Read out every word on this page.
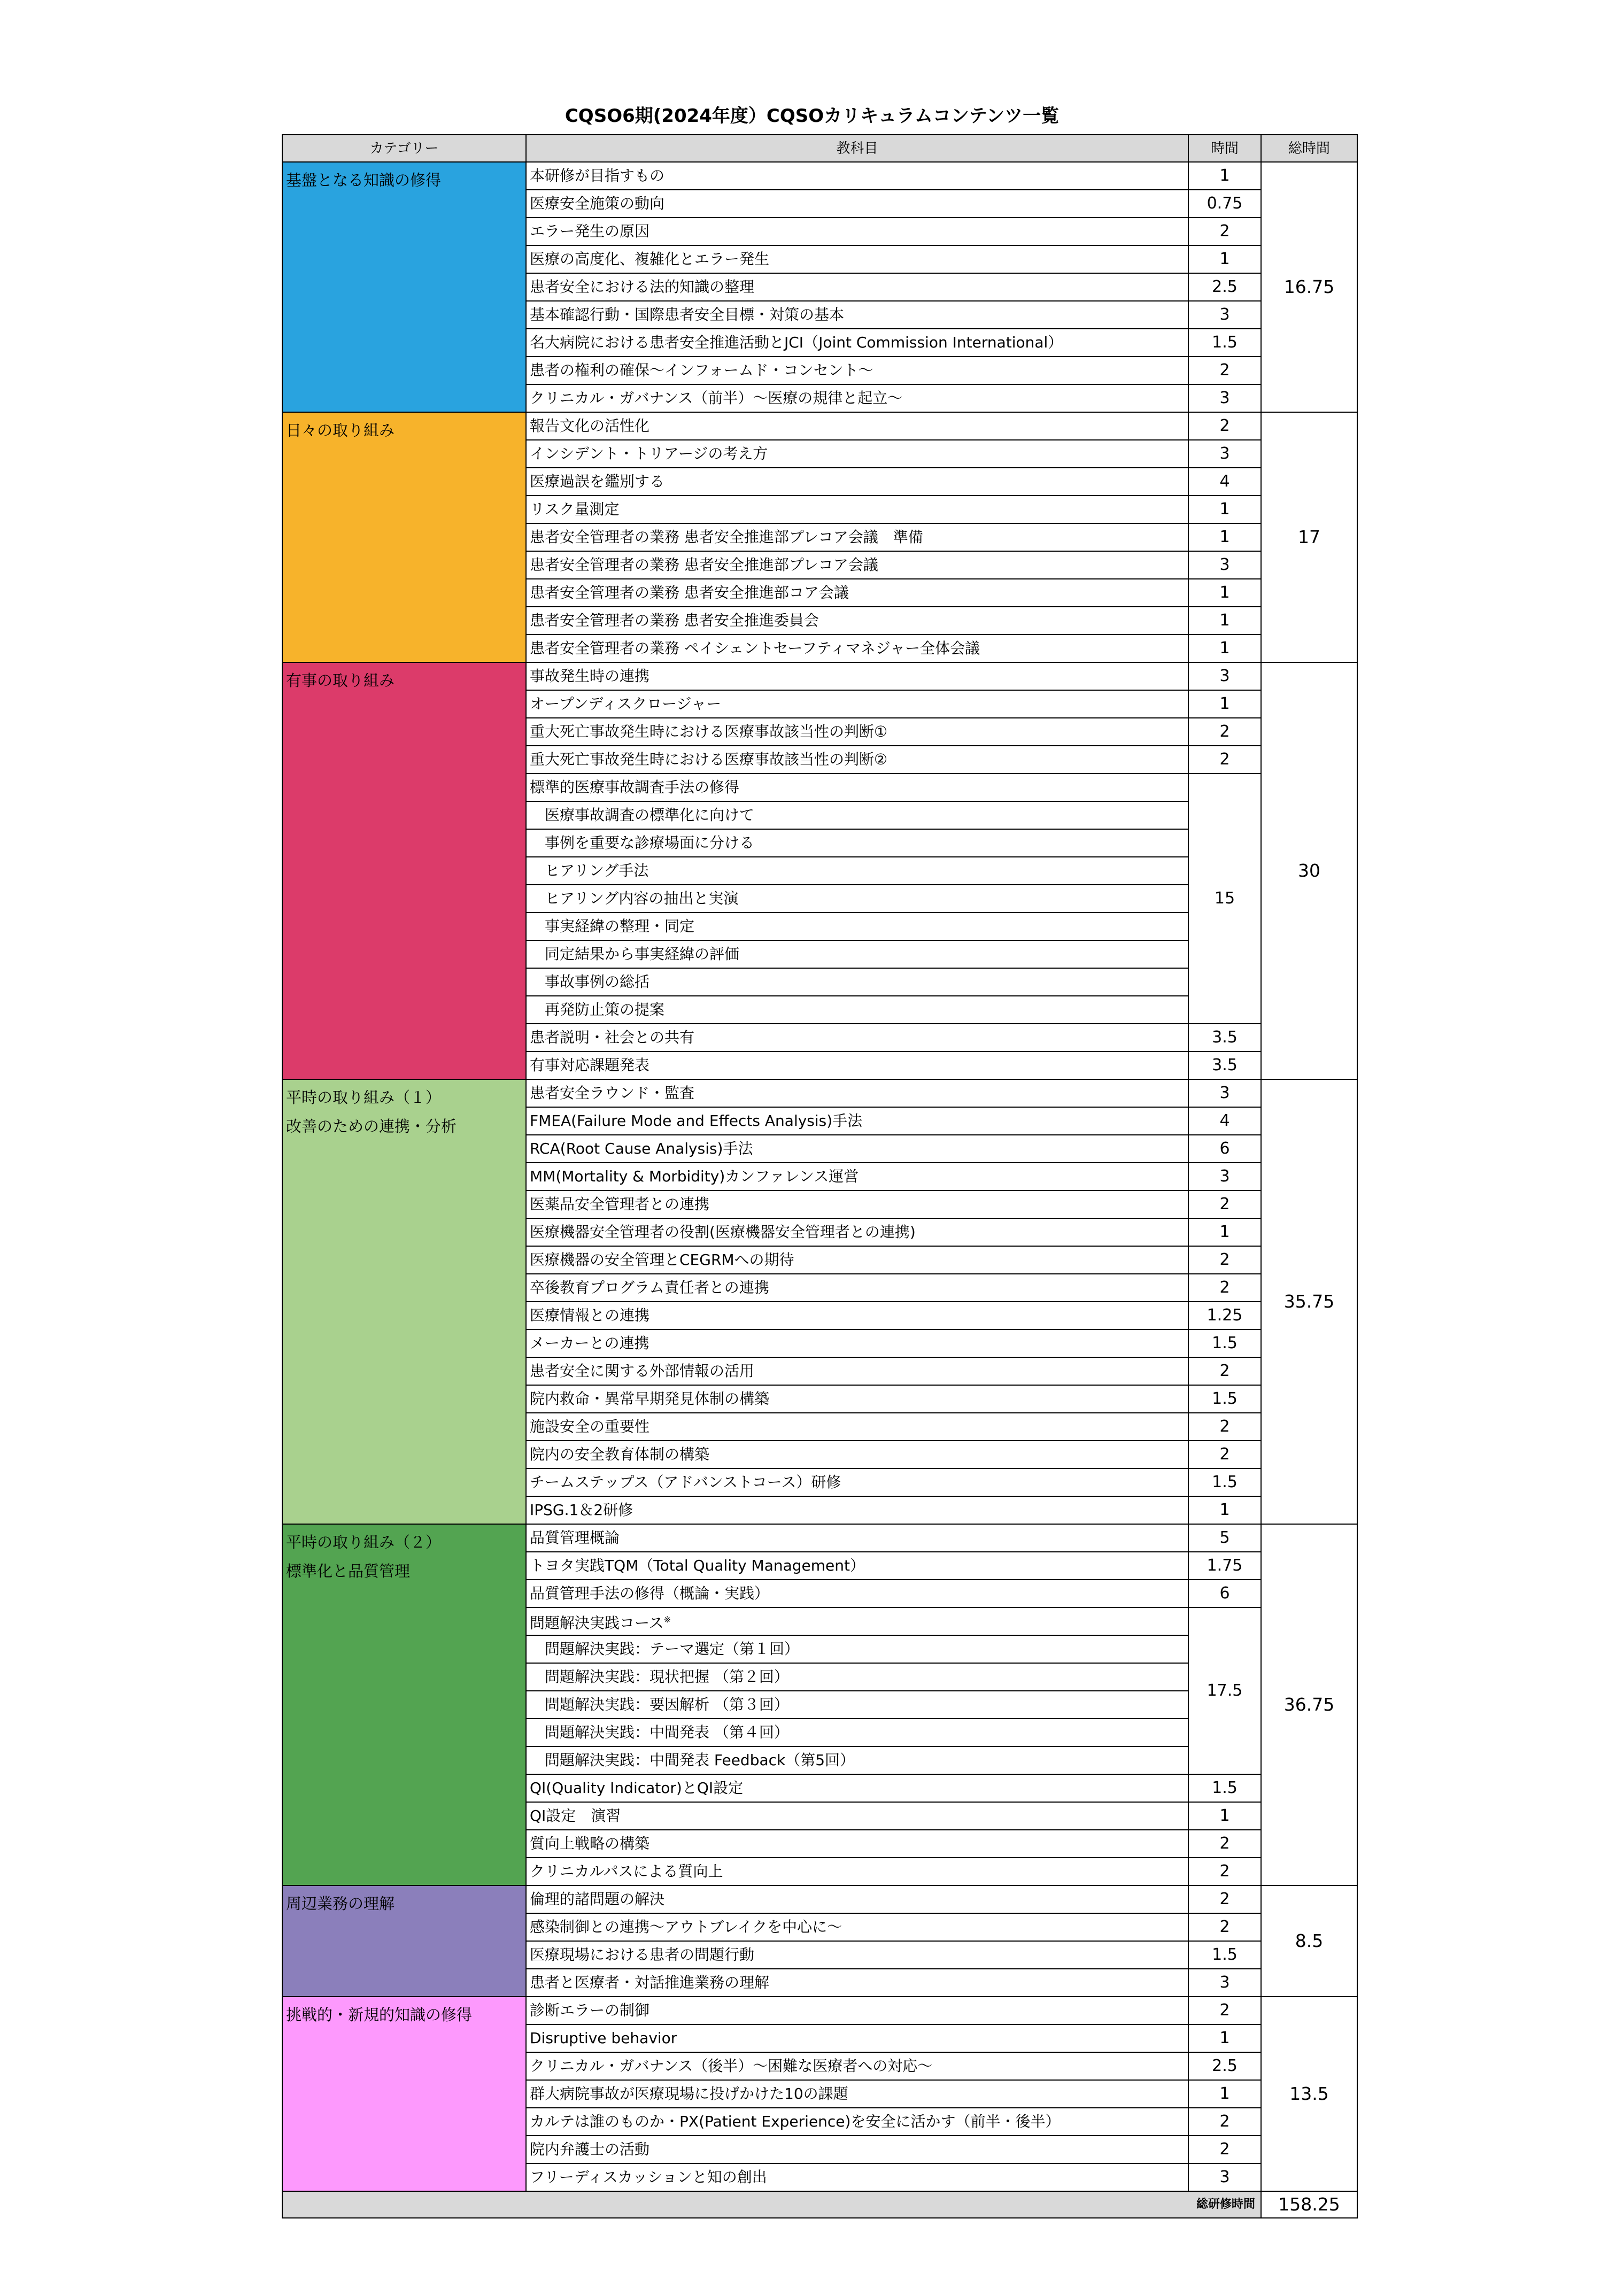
CQSO6期(2024年度）CQSOカリキュラムコンテンツ一覧
カテゴリー	教科目	時間	総時間

基盤となる知識の修得	本研修が目指すもの	1	16.75
	医療安全施策の動向	0.75	
	エラー発生の原因	2	
	医療の高度化、複雑化とエラー発生	1	
	患者安全における法的知識の整理	2.5	
	基本確認行動・国際患者安全目標・対策の基本	3	
	名大病院における患者安全推進活動とJCI（Joint Commission International）	1.5	
	患者の権利の確保～インフォームド・コンセント～	2	
	クリニカル・ガバナンス（前半）～医療の規律と起立～	3	

日々の取り組み	報告文化の活性化	2	17
	インシデント・トリアージの考え方	3	
	医療過誤を鑑別する	4	
	リスク量測定	1	
	患者安全管理者の業務 患者安全推進部プレコア会議　準備	1	
	患者安全管理者の業務 患者安全推進部プレコア会議	3	
	患者安全管理者の業務 患者安全推進部コア会議	1	
	患者安全管理者の業務 患者安全推進委員会	1	
	患者安全管理者の業務 ペイシェントセーフティマネジャー全体会議	1	

有事の取り組み	事故発生時の連携	3	30
	オープンディスクロージャー	1	
	重大死亡事故発生時における医療事故該当性の判断①	2	
	重大死亡事故発生時における医療事故該当性の判断②	2	
	標準的医療事故調査手法の修得	15	
	医療事故調査の標準化に向けて		
	事例を重要な診療場面に分ける		
	ヒアリング手法		
	ヒアリング内容の抽出と実演		
	事実経緯の整理・同定		
	同定結果から事実経緯の評価		
	事故事例の総括		
	再発防止策の提案		
	患者説明・社会との共有	3.5	
	有事対応課題発表	3.5	

平時の取り組み（１）
改善のための連携・分析	患者安全ラウンド・監査	3	35.75
	FMEA(Failure Mode and Effects Analysis)手法	4	
	RCA(Root Cause Analysis)手法	6	
	MM(Mortality & Morbidity)カンファレンス運営	3	
	医薬品安全管理者との連携	2	
	医療機器安全管理者の役割(医療機器安全管理者との連携)	1	
	医療機器の安全管理とCEGRMへの期待	2	
	卒後教育プログラム責任者との連携	2	
	医療情報との連携	1.25	
	メーカーとの連携	1.5	
	患者安全に関する外部情報の活用	2	
	院内救命・異常早期発見体制の構築	1.5	
	施設安全の重要性	2	
	院内の安全教育体制の構築	2	
	チームステップス（アドバンストコース）研修	1.5	
	IPSG.1＆2研修	1	

平時の取り組み（２）
標準化と品質管理	品質管理概論	5	36.75
	トヨタ実践TQM（Total Quality Management）	1.75	
	品質管理手法の修得（概論・実践）	6	
	問題解決実践コース※	17.5	
	問題解決実践：テーマ選定（第１回）		
	問題解決実践：現状把握 （第２回）		
	問題解決実践：要因解析 （第３回）		
	問題解決実践：中間発表 （第４回）		
	問題解決実践：中間発表 Feedback（第5回）		
	QI(Quality Indicator)とQI設定	1.5	
	QI設定　演習	1	
	質向上戦略の構築	2	
	クリニカルパスによる質向上	2	

周辺業務の理解	倫理的諸問題の解決	2	8.5
	感染制御との連携～アウトブレイクを中心に～	2	
	医療現場における患者の問題行動	1.5	
	患者と医療者・対話推進業務の理解	3	

挑戦的・新規的知識の修得	診断エラーの制御	2	13.5
	Disruptive behavior	1	
	クリニカル・ガバナンス（後半）～困難な医療者への対応～	2.5	
	群大病院事故が医療現場に投げかけた10の課題	1	
	カルテは誰のものか・PX(Patient Experience)を安全に活かす（前半・後半）	2	
	院内弁護士の活動	2	
	フリーディスカッションと知の創出	3	
総研修時間			158.25
